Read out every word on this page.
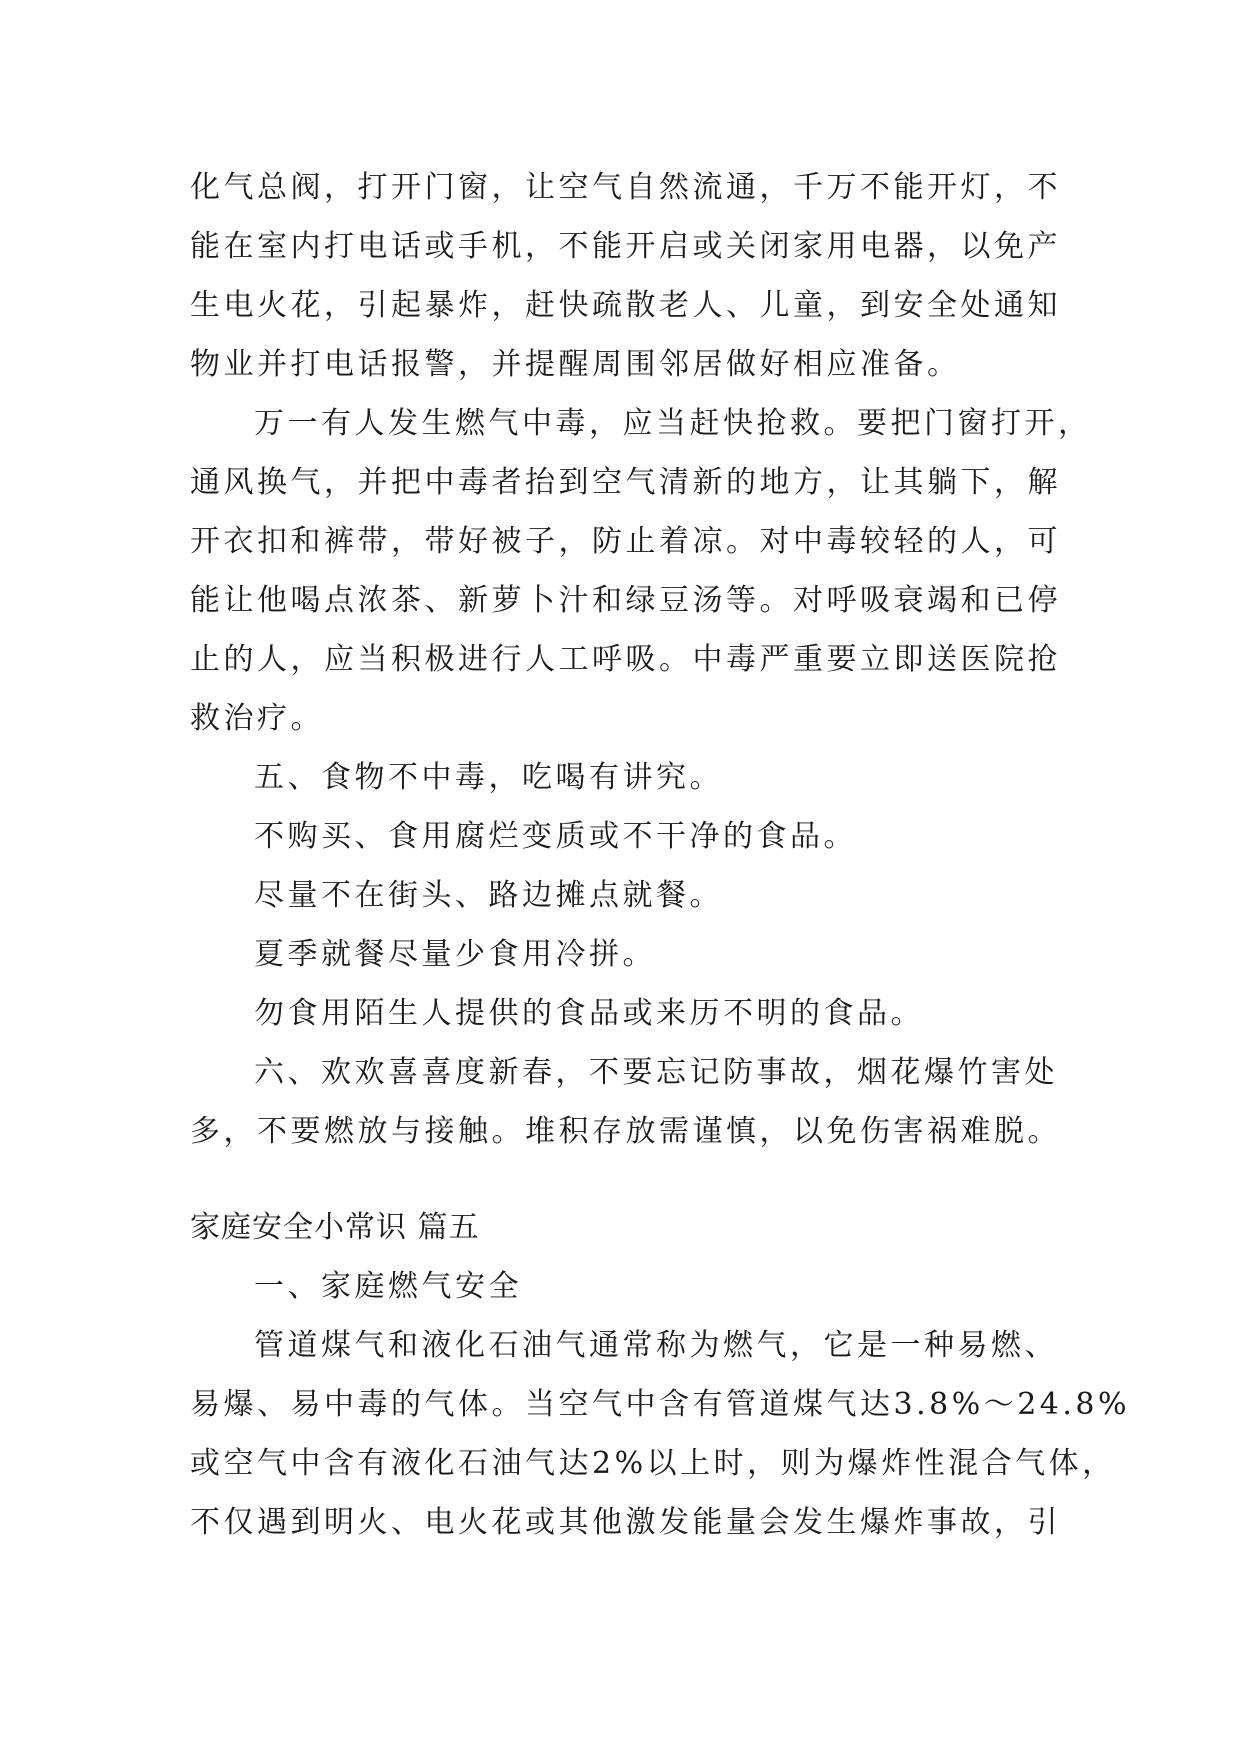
化气总阀，打开门窗，让空气自然流通，千万不能开灯，不
能在室内打电话或手机，不能开启或关闭家用电器，以免产
生电火花，引起暴炸，赶快疏散老人、儿童，到安全处通知
物业并打电话报警，并提醒周围邻居做好相应准备。
万一有人发生燃气中毒，应当赶快抢救。要把门窗打开，
通风换气，并把中毒者抬到空气清新的地方，让其躺下，解
开衣扣和裤带，带好被子，防止着凉。对中毒较轻的人，可
能让他喝点浓茶、新萝卜汁和绿豆汤等。对呼吸衰竭和已停
止的人，应当积极进行人工呼吸。中毒严重要立即送医院抢
救治疗。
五、食物不中毒，吃喝有讲究。
不购买、食用腐烂变质或不干净的食品。
尽量不在街头、路边摊点就餐。
夏季就餐尽量少食用冷拼。
勿食用陌生人提供的食品或来历不明的食品。
六、欢欢喜喜度新春，不要忘记防事故，烟花爆竹害处
多，不要燃放与接触。堆积存放需谨慎，以免伤害祸难脱。
家庭安全小常识 篇五
一、家庭燃气安全
管道煤气和液化石油气通常称为燃气，它是一种易燃、
易爆、易中毒的气体。当空气中含有管道煤气达3.8%～24.8%
或空气中含有液化石油气达2%以上时，则为爆炸性混合气体，
不仅遇到明火、电火花或其他激发能量会发生爆炸事故，引
